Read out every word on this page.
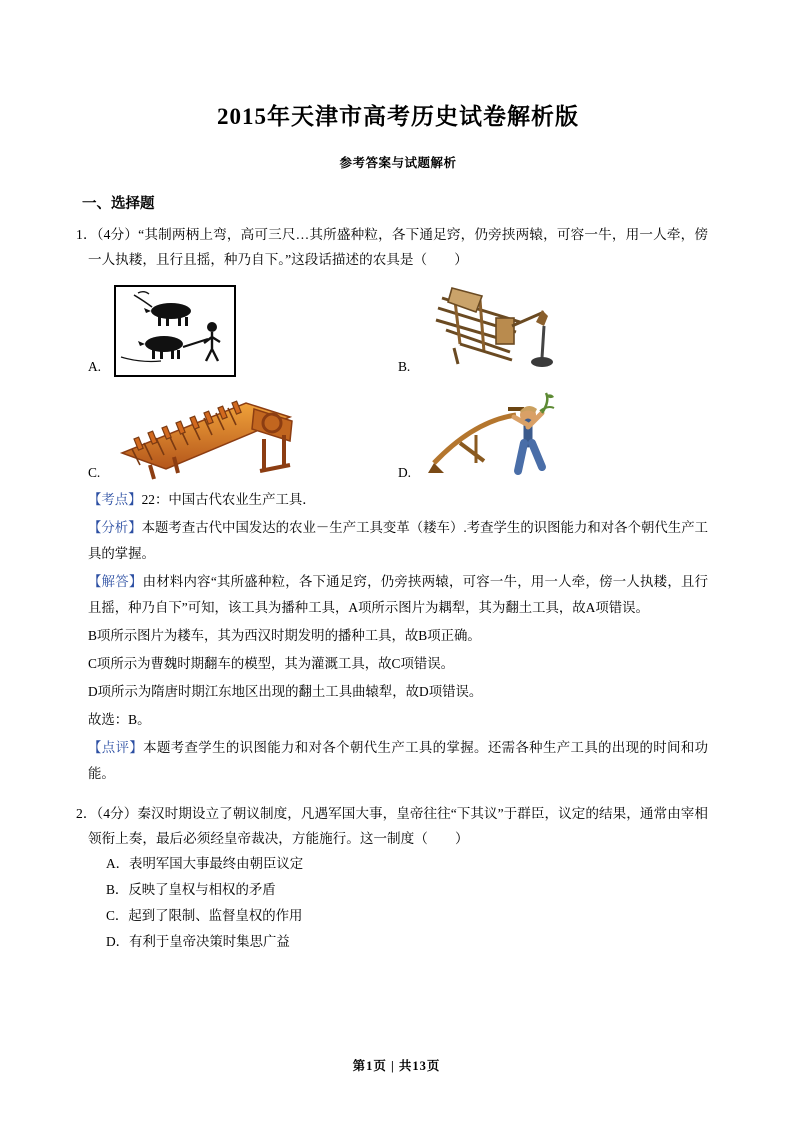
2015年天津市高考历史试卷解析版
参考答案与试题解析
一、选择题
1．（4分）“其制两柄上弯，高可三尺…其所盛种粒，各下通足窍，仍旁挟两辕，可容一牛，用一人牵，傍一人执耧，且行且摇，种乃自下。”这段话描述的农具是（　　）
A.	B.
C.	D.
【考点】22：中国古代农业生产工具．
【分析】本题考查古代中国发达的农业－生产工具变革（耧车）.考查学生的识图能力和对各个朝代生产工具的掌握。
【解答】由材料内容“其所盛种粒，各下通足窍，仍旁挟两辕，可容一牛，用一人牵，傍一人执耧，且行且摇，种乃自下”可知，该工具为播种工具，A项所示图片为耦犁，其为翻土工具，故A项错误。
B项所示图片为耧车，其为西汉时期发明的播种工具，故B项正确。
C项所示为曹魏时期翻车的模型，其为灌溉工具，故C项错误。
D项所示为隋唐时期江东地区出现的翻土工具曲辕犁，故D项错误。
故选：B。
【点评】本题考查学生的识图能力和对各个朝代生产工具的掌握。还需各种生产工具的出现的时间和功能。
2．（4分）秦汉时期设立了朝议制度，凡遇军国大事，皇帝往往“下其议”于群臣，议定的结果，通常由宰相领衔上奏，最后必须经皇帝裁决，方能施行。这一制度（　　）
A．表明军国大事最终由朝臣议定
B．反映了皇权与相权的矛盾
C．起到了限制、监督皇权的作用
D．有利于皇帝决策时集思广益
第1页 | 共13页
